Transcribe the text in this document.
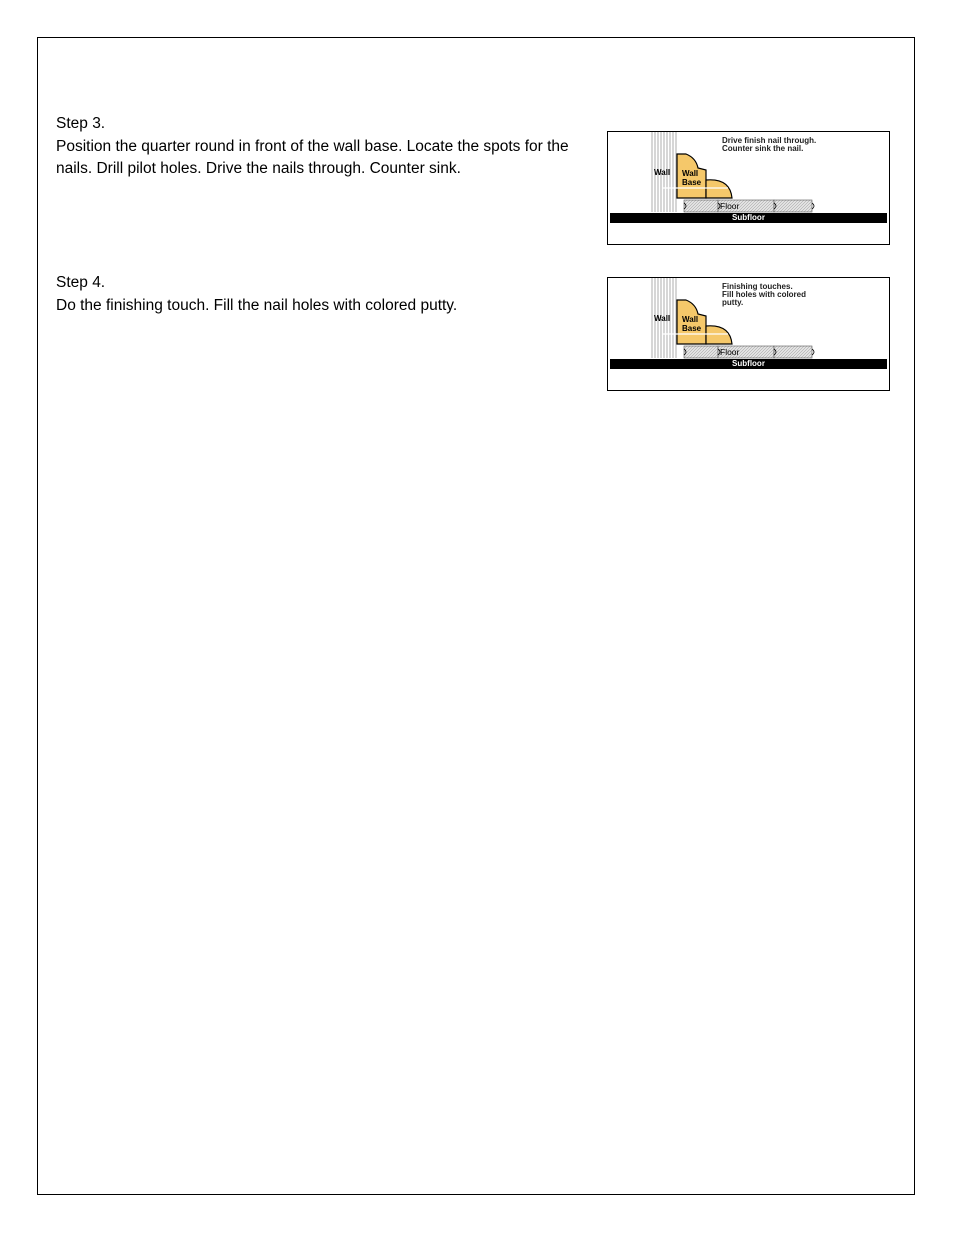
Step 3.
Position the quarter round in front of the wall base. Locate the spots for the nails. Drill pilot holes. Drive the nails through. Counter sink.
Drive finish nail through.
Counter sink the nail.
Wall Wall
Base
Floor
Subfloor
Step 4.
Do the finishing touch. Fill the nail holes with colored putty.
Finishing touches.
Fill holes with colored
putty.
Wall Wall
Base
Floor
Subfloor
